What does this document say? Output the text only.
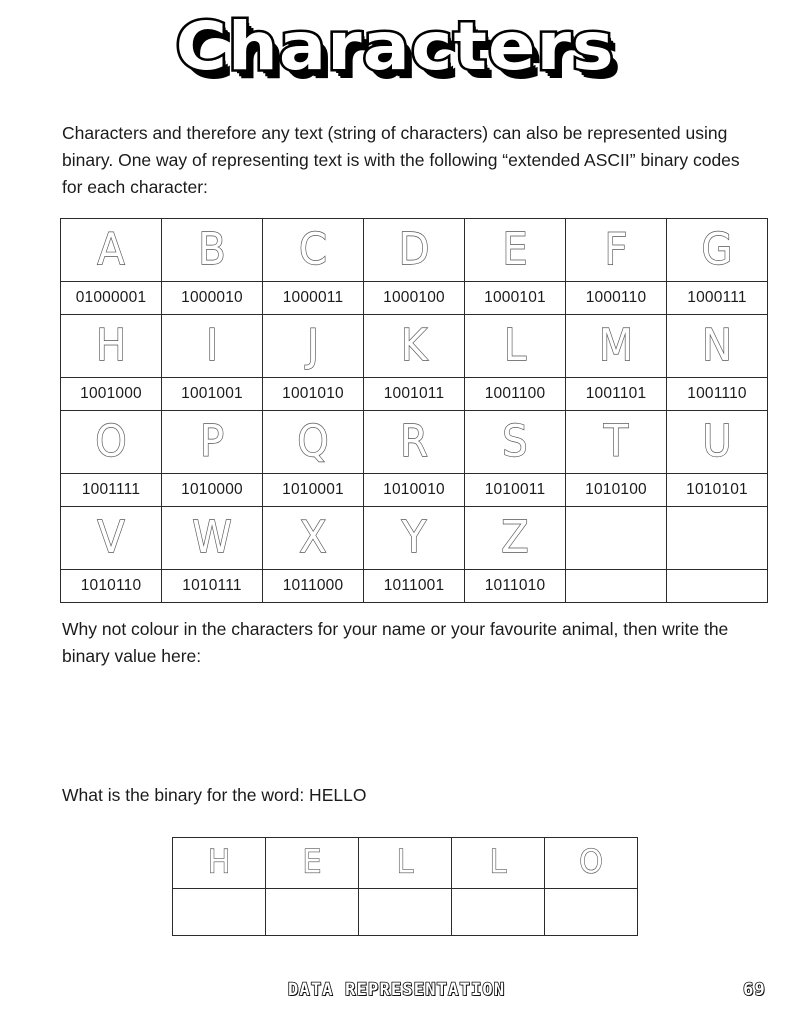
Characters
Characters and therefore any text (string of characters) can also be represented using binary. One way of representing text is with the following “extended ASCII” binary codes for each character:
A	B	C	D	E	F	G
01000001	1000010	1000011	1000100	1000101	1000110	1000111
H	I	J	K	L	M	N
1001000	1001001	1001010	1001011	1001100	1001101	1001110
O	P	Q	R	S	T	U
1001111	1010000	1010001	1010010	1010011	1010100	1010101
V	W	X	Y	Z		
1010110	1010111	1011000	1011001	1011010		
Why not colour in the characters for your name or your favourite animal, then write the binary value here:
What is the binary for the word: HELLO
H	E	L	L	O

DATA REPRESENTATION	69
